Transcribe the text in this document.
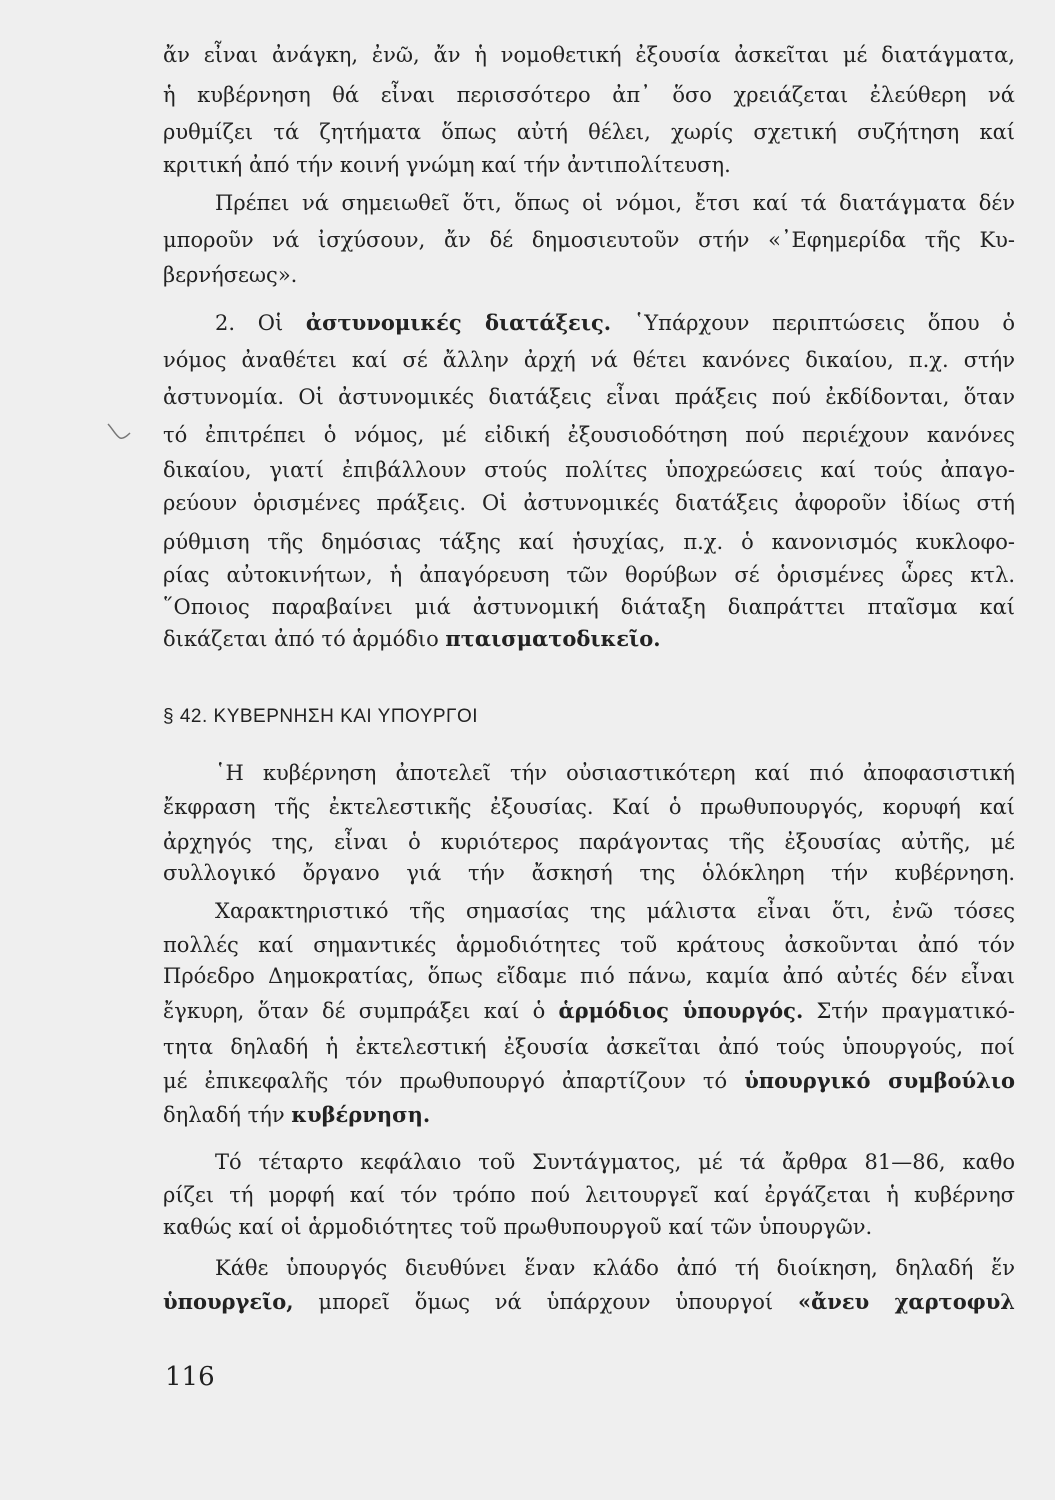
ἄν εἶναι ἀνάγκη, ἐνῶ, ἄν ἡ νομοθετική ἐξουσία ἀσκεῖται μέ διατάγματα,
ἡ κυβέρνηση θά εἶναι περισσότερο ἀπ᾿ ὅσο χρειάζεται ἐλεύθερη νά
ρυθμίζει τά ζητήματα ὅπως αὐτή θέλει, χωρίς σχετική συζήτηση καί
κριτική ἀπό τήν κοινή γνώμη καί τήν ἀντιπολίτευση.
Πρέπει νά σημειωθεῖ ὅτι, ὅπως οἱ νόμοι, ἔτσι καί τά διατάγματα δέν
μποροῦν νά ἰσχύσουν, ἄν δέ δημοσιευτοῦν στήν «᾿Εφημερίδα τῆς Κυ-
βερνήσεως».
2. Οἱ ἀστυνομικές διατάξεις. ῾Υπάρχουν περιπτώσεις ὅπου ὁ
νόμος ἀναθέτει καί σέ ἄλλην ἀρχή νά θέτει κανόνες δικαίου, π.χ. στήν
ἀστυνομία. Οἱ ἀστυνομικές διατάξεις εἶναι πράξεις πού ἐκδίδονται, ὅταν
τό ἐπιτρέπει ὁ νόμος, μέ εἰδική ἐξουσιοδότηση πού περιέχουν κανόνες
δικαίου, γιατί ἐπιβάλλουν στούς πολίτες ὑποχρεώσεις καί τούς ἀπαγο-
ρεύουν ὁρισμένες πράξεις. Οἱ ἀστυνομικές διατάξεις ἀφοροῦν ἰδίως στή
ρύθμιση τῆς δημόσιας τάξης καί ἡσυχίας, π.χ. ὁ κανονισμός κυκλοφο-
ρίας αὐτοκινήτων, ἡ ἀπαγόρευση τῶν θορύβων σέ ὁρισμένες ὧρες κτλ.
῞Οποιος παραβαίνει μιά ἀστυνομική διάταξη διαπράττει πταῖσμα καί
δικάζεται ἀπό τό ἁρμόδιο πταισματοδικεῖο.
§ 42. ΚΥΒΕΡΝΗΣΗ ΚΑΙ ΥΠΟΥΡΓΟΙ
῾Η κυβέρνηση ἀποτελεῖ τήν οὐσιαστικότερη καί πιό ἀποφασιστική
ἔκφραση τῆς ἐκτελεστικῆς ἐξουσίας. Καί ὁ πρωθυπουργός, κορυφή καί
ἀρχηγός της, εἶναι ὁ κυριότερος παράγοντας τῆς ἐξουσίας αὐτῆς, μέ
συλλογικό ὄργανο γιά τήν ἄσκησή της ὁλόκληρη τήν κυβέρνηση.
Χαρακτηριστικό τῆς σημασίας της μάλιστα εἶναι ὅτι, ἐνῶ τόσες
πολλές καί σημαντικές ἁρμοδιότητες τοῦ κράτους ἀσκοῦνται ἀπό τόν
Πρόεδρο Δημοκρατίας, ὅπως εἴδαμε πιό πάνω, καμία ἀπό αὐτές δέν εἶναι
ἔγκυρη, ὅταν δέ συμπράξει καί ὁ ἁρμόδιος ὑπουργός. Στήν πραγματικό-
τητα δηλαδή ἡ ἐκτελεστική ἐξουσία ἀσκεῖται ἀπό τούς ὑπουργούς, ποί
μέ ἐπικεφαλῆς τόν πρωθυπουργό ἀπαρτίζουν τό ὑπουργικό συμβούλιο
δηλαδή τήν κυβέρνηση.
Τό τέταρτο κεφάλαιο τοῦ Συντάγματος, μέ τά ἄρθρα 81—86, καθο
ρίζει τή μορφή καί τόν τρόπο πού λειτουργεῖ καί ἐργάζεται ἡ κυβέρνησ
καθώς καί οἱ ἁρμοδιότητες τοῦ πρωθυπουργοῦ καί τῶν ὑπουργῶν.
Κάθε ὑπουργός διευθύνει ἕναν κλάδο ἀπό τή διοίκηση, δηλαδή ἕν
ὑπουργεῖο, μπορεῖ ὅμως νά ὑπάρχουν ὑπουργοί «ἄνευ χαρτοφυλ
116
